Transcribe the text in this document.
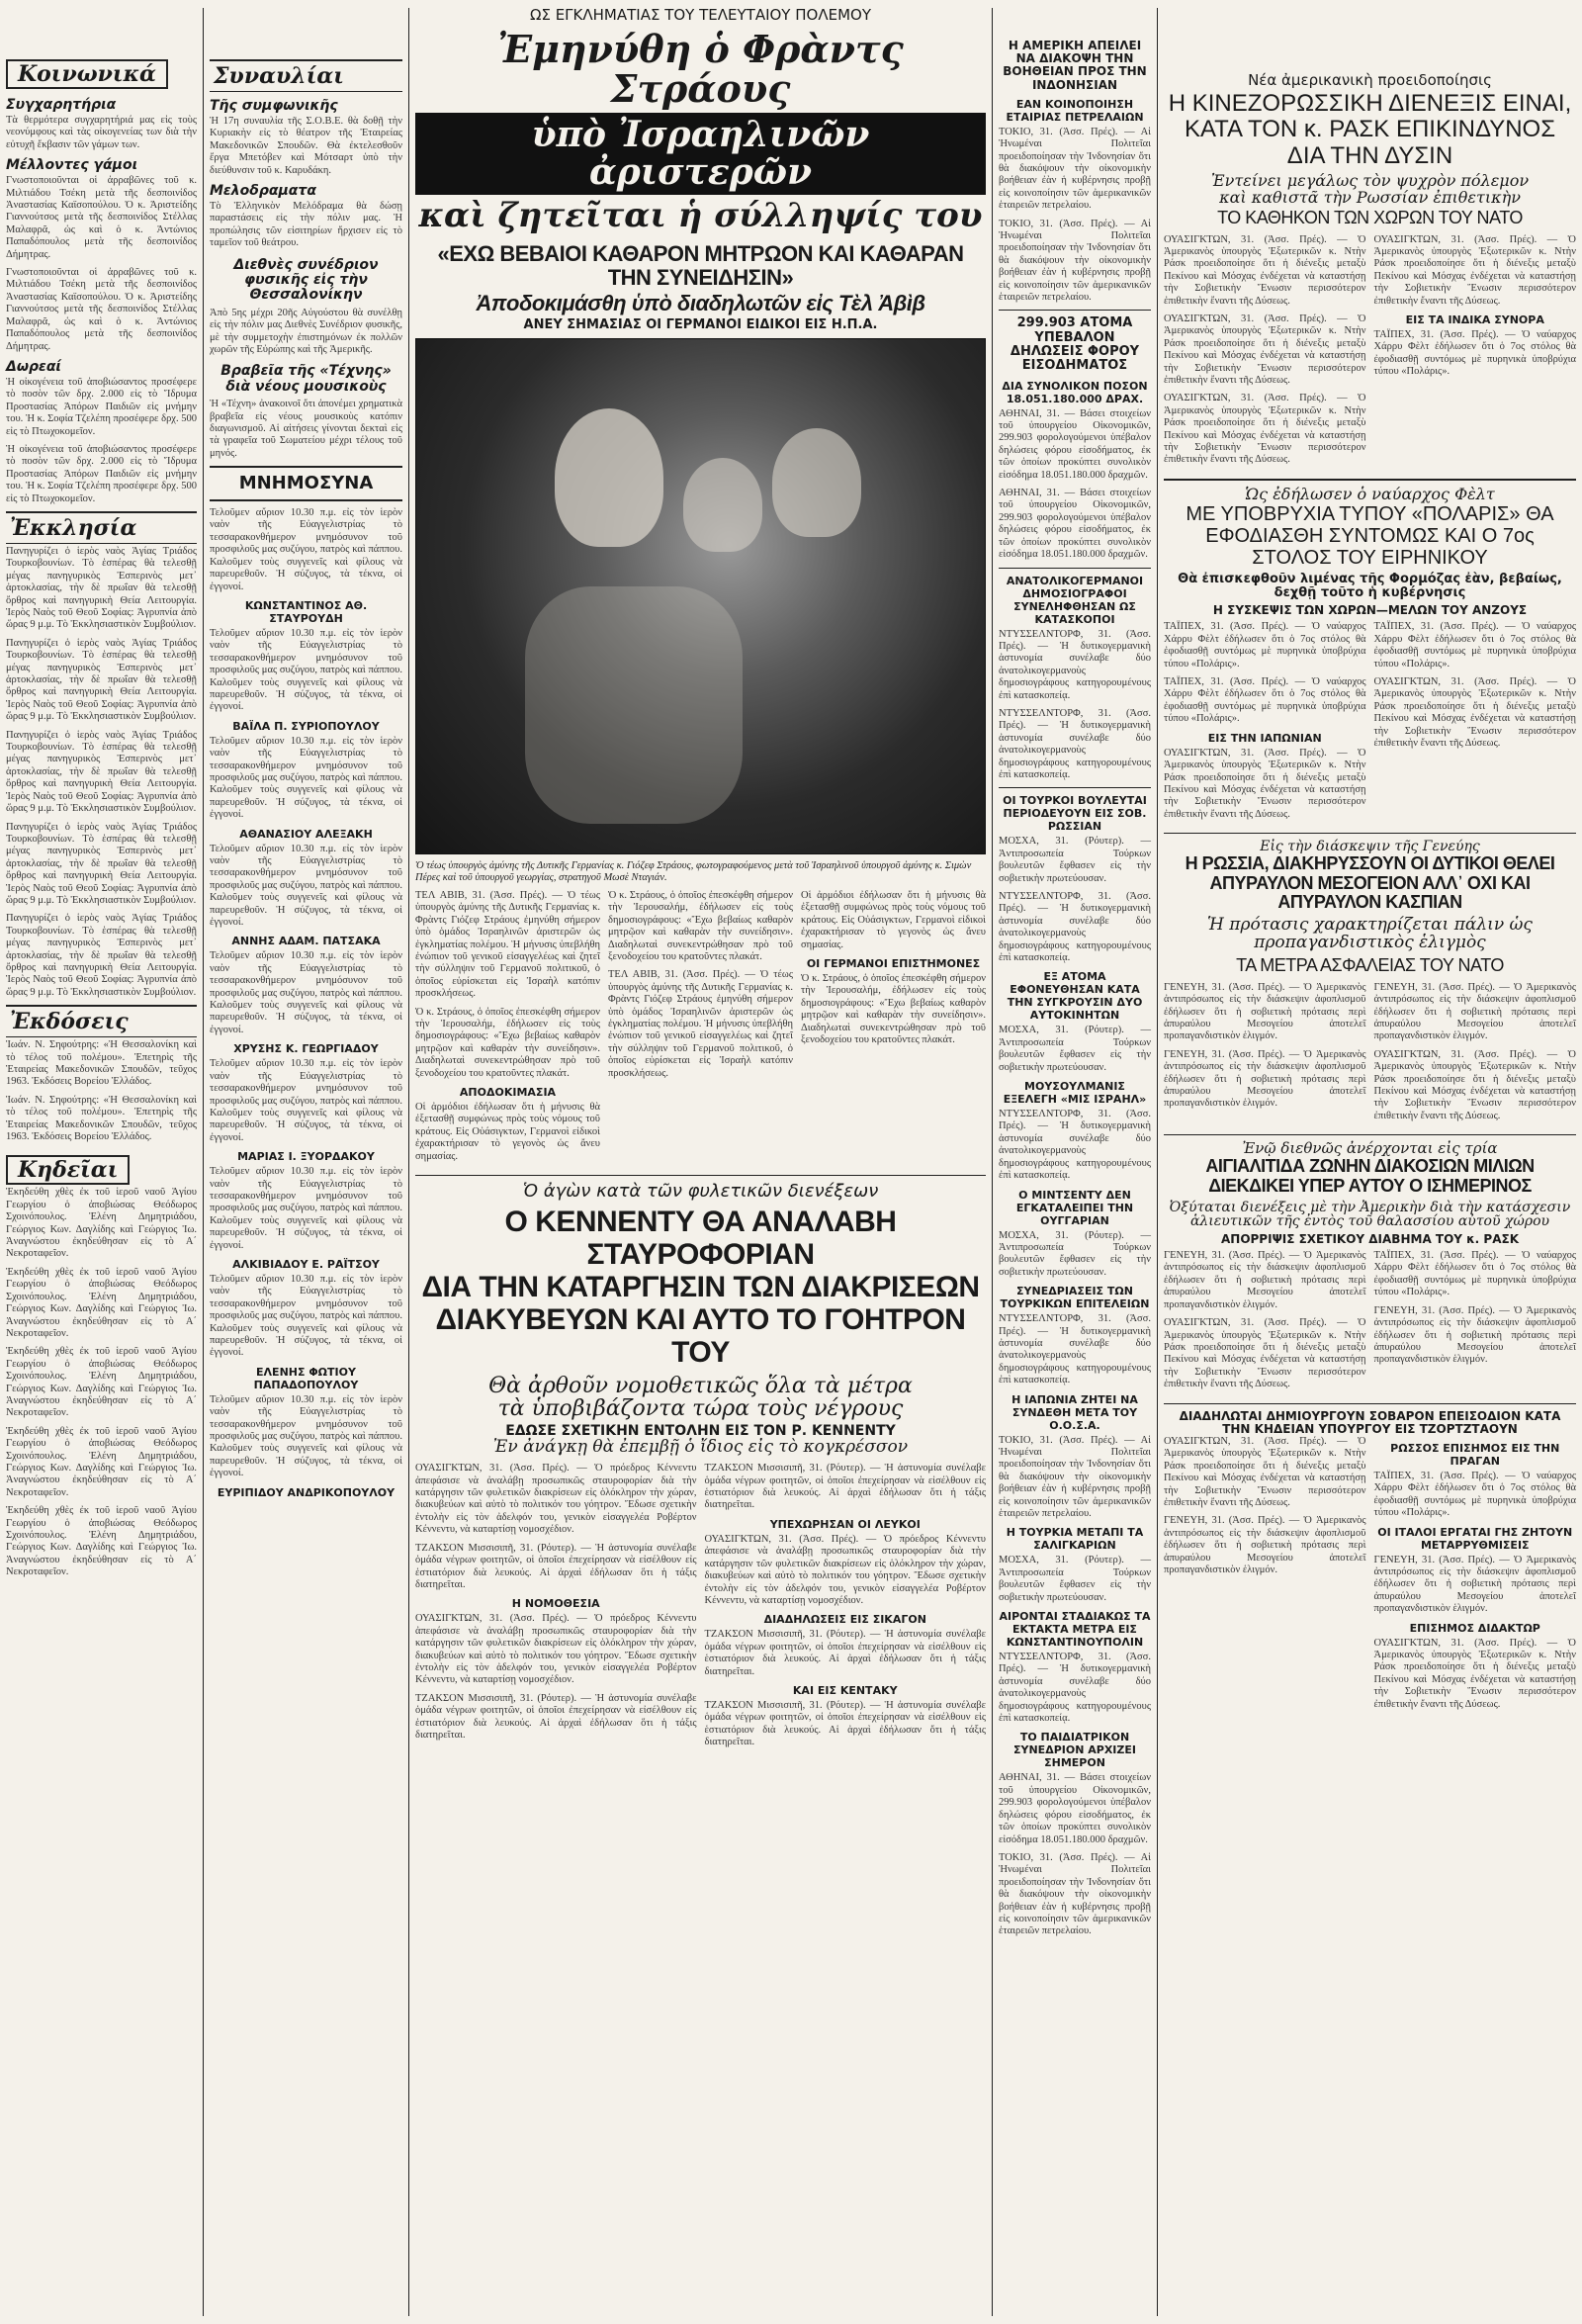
Κοινωνικά
Συγχαρητήρια

Τὰ θερμότερα συγχαρητήριά μας εἰς τοὺς νεονύμφους καὶ τὰς οἰκογενείας των διὰ τὴν εὐτυχῆ ἔκβασιν τῶν γάμων των.

Μέλλοντες γάμοι

Γνωστοποιοῦνται οἱ ἀρραβῶνες τοῦ κ. Μιλτιάδου Τσέκη μετὰ τῆς δεσποινίδος Ἀναστασίας Καϊσοπούλου. Ὁ κ. Ἀριστείδης Γιαννούτσος μετὰ τῆς δεσποινίδος Στέλλας Μαλαφρᾶ, ὡς καὶ ὁ κ. Ἀντώνιος Παπαδόπουλος μετὰ τῆς δεσποινίδος Δήμητρας.

Γνωστοποιοῦνται οἱ ἀρραβῶνες τοῦ κ. Μιλτιάδου Τσέκη μετὰ τῆς δεσποινίδος Ἀναστασίας Καϊσοπούλου. Ὁ κ. Ἀριστείδης Γιαννούτσος μετὰ τῆς δεσποινίδος Στέλλας Μαλαφρᾶ, ὡς καὶ ὁ κ. Ἀντώνιος Παπαδόπουλος μετὰ τῆς δεσποινίδος Δήμητρας.

Δωρεαί

Ἡ οἰκογένεια τοῦ ἀποβιώσαντος προσέφερε τὸ ποσὸν τῶν δρχ. 2.000 εἰς τὸ Ἵδρυμα Προστασίας Ἀπόρων Παιδιῶν εἰς μνήμην του. Ἡ κ. Σοφία Τζελέπη προσέφερε δρχ. 500 εἰς τὸ Πτωχοκομεῖον.

Ἡ οἰκογένεια τοῦ ἀποβιώσαντος προσέφερε τὸ ποσὸν τῶν δρχ. 2.000 εἰς τὸ Ἵδρυμα Προστασίας Ἀπόρων Παιδιῶν εἰς μνήμην του. Ἡ κ. Σοφία Τζελέπη προσέφερε δρχ. 500 εἰς τὸ Πτωχοκομεῖον.

Ἐκκλησία

Πανηγυρίζει ὁ ἱερὸς ναὸς Ἁγίας Τριάδος Τουρκοβουνίων. Τὸ ἑσπέρας θὰ τελεσθῇ μέγας πανηγυρικὸς Ἑσπερινὸς μετ᾿ ἀρτοκλασίας, τὴν δὲ πρωΐαν θὰ τελεσθῇ ὄρθρος καὶ πανηγυρικὴ Θεία Λειτουργία. Ἱερὸς Ναὸς τοῦ Θεοῦ Σοφίας: Ἀγρυπνία ἀπὸ ὥρας 9 μ.μ. Τὸ Ἐκκλησιαστικὸν Συμβούλιον.

Πανηγυρίζει ὁ ἱερὸς ναὸς Ἁγίας Τριάδος Τουρκοβουνίων. Τὸ ἑσπέρας θὰ τελεσθῇ μέγας πανηγυρικὸς Ἑσπερινὸς μετ᾿ ἀρτοκλασίας, τὴν δὲ πρωΐαν θὰ τελεσθῇ ὄρθρος καὶ πανηγυρικὴ Θεία Λειτουργία. Ἱερὸς Ναὸς τοῦ Θεοῦ Σοφίας: Ἀγρυπνία ἀπὸ ὥρας 9 μ.μ. Τὸ Ἐκκλησιαστικὸν Συμβούλιον.

Πανηγυρίζει ὁ ἱερὸς ναὸς Ἁγίας Τριάδος Τουρκοβουνίων. Τὸ ἑσπέρας θὰ τελεσθῇ μέγας πανηγυρικὸς Ἑσπερινὸς μετ᾿ ἀρτοκλασίας, τὴν δὲ πρωΐαν θὰ τελεσθῇ ὄρθρος καὶ πανηγυρικὴ Θεία Λειτουργία. Ἱερὸς Ναὸς τοῦ Θεοῦ Σοφίας: Ἀγρυπνία ἀπὸ ὥρας 9 μ.μ. Τὸ Ἐκκλησιαστικὸν Συμβούλιον.

Πανηγυρίζει ὁ ἱερὸς ναὸς Ἁγίας Τριάδος Τουρκοβουνίων. Τὸ ἑσπέρας θὰ τελεσθῇ μέγας πανηγυρικὸς Ἑσπερινὸς μετ᾿ ἀρτοκλασίας, τὴν δὲ πρωΐαν θὰ τελεσθῇ ὄρθρος καὶ πανηγυρικὴ Θεία Λειτουργία. Ἱερὸς Ναὸς τοῦ Θεοῦ Σοφίας: Ἀγρυπνία ἀπὸ ὥρας 9 μ.μ. Τὸ Ἐκκλησιαστικὸν Συμβούλιον.

Πανηγυρίζει ὁ ἱερὸς ναὸς Ἁγίας Τριάδος Τουρκοβουνίων. Τὸ ἑσπέρας θὰ τελεσθῇ μέγας πανηγυρικὸς Ἑσπερινὸς μετ᾿ ἀρτοκλασίας, τὴν δὲ πρωΐαν θὰ τελεσθῇ ὄρθρος καὶ πανηγυρικὴ Θεία Λειτουργία. Ἱερὸς Ναὸς τοῦ Θεοῦ Σοφίας: Ἀγρυπνία ἀπὸ ὥρας 9 μ.μ. Τὸ Ἐκκλησιαστικὸν Συμβούλιον.

Ἐκδόσεις

Ἰωάν. Ν. Σηφούτρης: «Ἡ Θεσσαλονίκη καὶ τὸ τέλος τοῦ πολέμου». Ἐπετηρὶς τῆς Ἑταιρείας Μακεδονικῶν Σπουδῶν, τεῦχος 1963. Ἐκδόσεις Βορείου Ἑλλάδος.

Ἰωάν. Ν. Σηφούτρης: «Ἡ Θεσσαλονίκη καὶ τὸ τέλος τοῦ πολέμου». Ἐπετηρὶς τῆς Ἑταιρείας Μακεδονικῶν Σπουδῶν, τεῦχος 1963. Ἐκδόσεις Βορείου Ἑλλάδος.

Κηδεῖαι

Ἐκηδεύθη χθὲς ἐκ τοῦ ἱεροῦ ναοῦ Ἁγίου Γεωργίου ὁ ἀποβιώσας Θεόδωρος Σχοινόπουλος. Ἐλένη Δημητριάδου, Γεώργιος Κων. Δαγλίδης καὶ Γεώργιος Ἰω. Ἀναγνώστου ἐκηδεύθησαν εἰς τὸ Α΄ Νεκροταφεῖον.

Ἐκηδεύθη χθὲς ἐκ τοῦ ἱεροῦ ναοῦ Ἁγίου Γεωργίου ὁ ἀποβιώσας Θεόδωρος Σχοινόπουλος. Ἐλένη Δημητριάδου, Γεώργιος Κων. Δαγλίδης καὶ Γεώργιος Ἰω. Ἀναγνώστου ἐκηδεύθησαν εἰς τὸ Α΄ Νεκροταφεῖον.

Ἐκηδεύθη χθὲς ἐκ τοῦ ἱεροῦ ναοῦ Ἁγίου Γεωργίου ὁ ἀποβιώσας Θεόδωρος Σχοινόπουλος. Ἐλένη Δημητριάδου, Γεώργιος Κων. Δαγλίδης καὶ Γεώργιος Ἰω. Ἀναγνώστου ἐκηδεύθησαν εἰς τὸ Α΄ Νεκροταφεῖον.

Ἐκηδεύθη χθὲς ἐκ τοῦ ἱεροῦ ναοῦ Ἁγίου Γεωργίου ὁ ἀποβιώσας Θεόδωρος Σχοινόπουλος. Ἐλένη Δημητριάδου, Γεώργιος Κων. Δαγλίδης καὶ Γεώργιος Ἰω. Ἀναγνώστου ἐκηδεύθησαν εἰς τὸ Α΄ Νεκροταφεῖον.

Ἐκηδεύθη χθὲς ἐκ τοῦ ἱεροῦ ναοῦ Ἁγίου Γεωργίου ὁ ἀποβιώσας Θεόδωρος Σχοινόπουλος. Ἐλένη Δημητριάδου, Γεώργιος Κων. Δαγλίδης καὶ Γεώργιος Ἰω. Ἀναγνώστου ἐκηδεύθησαν εἰς τὸ Α΄ Νεκροταφεῖον.

Συναυλίαι
Τῆς συμφωνικῆς

Ἡ 17η συναυλία τῆς Σ.Ο.Β.Ε. θὰ δοθῇ τὴν Κυριακὴν εἰς τὸ θέατρον τῆς Ἑταιρείας Μακεδονικῶν Σπουδῶν. Θὰ ἐκτελεσθοῦν ἔργα Μπετόβεν καὶ Μότσαρτ ὑπὸ τὴν διεύθυνσιν τοῦ κ. Καρυδάκη.

Μελοδραματα

Τὸ Ἑλληνικὸν Μελόδραμα θὰ δώσῃ παραστάσεις εἰς τὴν πόλιν μας. Ἡ προπώλησις τῶν εἰσιτηρίων ἤρχισεν εἰς τὸ ταμεῖον τοῦ θεάτρου.

Διεθνὲς συνέδριον φυσικῆς εἰς τὴν Θεσσαλονίκην

Ἀπὸ 5ης μέχρι 20ῆς Αὐγούστου θὰ συνέλθῃ εἰς τὴν πόλιν μας Διεθνὲς Συνέδριον φυσικῆς, μὲ τὴν συμμετοχὴν ἐπιστημόνων ἐκ πολλῶν χωρῶν τῆς Εὐρώπης καὶ τῆς Ἀμερικῆς.

Βραβεῖα τῆς «Τέχνης» διὰ νέους μουσικοὺς

Ἡ «Τέχνη» ἀνακοινοῖ ὅτι ἀπονέμει χρηματικὰ βραβεῖα εἰς νέους μουσικοὺς κατόπιν διαγωνισμοῦ. Αἱ αἰτήσεις γίνονται δεκταὶ εἰς τὰ γραφεῖα τοῦ Σωματείου μέχρι τέλους τοῦ μηνός.

ΜΝΗΜΟΣΥΝΑ

Τελοῦμεν αὔριον 10.30 π.μ. εἰς τὸν ἱερὸν ναὸν τῆς Εὐαγγελιστρίας τὸ τεσσαρακονθήμερον μνημόσυνον τοῦ προσφιλοῦς μας συζύγου, πατρὸς καὶ πάππου. Καλοῦμεν τοὺς συγγενεῖς καὶ φίλους νὰ παρευρεθοῦν. Ἡ σύζυγος, τὰ τέκνα, οἱ ἐγγονοί.

ΚΩΝΣΤΑΝΤΙΝΟΣ ΑΘ. ΣΤΑΥΡΟΥΔΗ

Τελοῦμεν αὔριον 10.30 π.μ. εἰς τὸν ἱερὸν ναὸν τῆς Εὐαγγελιστρίας τὸ τεσσαρακονθήμερον μνημόσυνον τοῦ προσφιλοῦς μας συζύγου, πατρὸς καὶ πάππου. Καλοῦμεν τοὺς συγγενεῖς καὶ φίλους νὰ παρευρεθοῦν. Ἡ σύζυγος, τὰ τέκνα, οἱ ἐγγονοί.

ΒΑΪΛΑ Π. ΣΥΡΙΟΠΟΥΛΟΥ

Τελοῦμεν αὔριον 10.30 π.μ. εἰς τὸν ἱερὸν ναὸν τῆς Εὐαγγελιστρίας τὸ τεσσαρακονθήμερον μνημόσυνον τοῦ προσφιλοῦς μας συζύγου, πατρὸς καὶ πάππου. Καλοῦμεν τοὺς συγγενεῖς καὶ φίλους νὰ παρευρεθοῦν. Ἡ σύζυγος, τὰ τέκνα, οἱ ἐγγονοί.

ΑΘΑΝΑΣΙΟΥ ΑΛΕΞΑΚΗ

Τελοῦμεν αὔριον 10.30 π.μ. εἰς τὸν ἱερὸν ναὸν τῆς Εὐαγγελιστρίας τὸ τεσσαρακονθήμερον μνημόσυνον τοῦ προσφιλοῦς μας συζύγου, πατρὸς καὶ πάππου. Καλοῦμεν τοὺς συγγενεῖς καὶ φίλους νὰ παρευρεθοῦν. Ἡ σύζυγος, τὰ τέκνα, οἱ ἐγγονοί.

ΑΝΝΗΣ ΑΔΑΜ. ΠΑΤΣΑΚΑ

Τελοῦμεν αὔριον 10.30 π.μ. εἰς τὸν ἱερὸν ναὸν τῆς Εὐαγγελιστρίας τὸ τεσσαρακονθήμερον μνημόσυνον τοῦ προσφιλοῦς μας συζύγου, πατρὸς καὶ πάππου. Καλοῦμεν τοὺς συγγενεῖς καὶ φίλους νὰ παρευρεθοῦν. Ἡ σύζυγος, τὰ τέκνα, οἱ ἐγγονοί.

ΧΡΥΣΗΣ Κ. ΓΕΩΡΓΙΑΔΟΥ

Τελοῦμεν αὔριον 10.30 π.μ. εἰς τὸν ἱερὸν ναὸν τῆς Εὐαγγελιστρίας τὸ τεσσαρακονθήμερον μνημόσυνον τοῦ προσφιλοῦς μας συζύγου, πατρὸς καὶ πάππου. Καλοῦμεν τοὺς συγγενεῖς καὶ φίλους νὰ παρευρεθοῦν. Ἡ σύζυγος, τὰ τέκνα, οἱ ἐγγονοί.

ΜΑΡΙΑΣ Ι. ΞΥΟΡΔΑΚΟΥ

Τελοῦμεν αὔριον 10.30 π.μ. εἰς τὸν ἱερὸν ναὸν τῆς Εὐαγγελιστρίας τὸ τεσσαρακονθήμερον μνημόσυνον τοῦ προσφιλοῦς μας συζύγου, πατρὸς καὶ πάππου. Καλοῦμεν τοὺς συγγενεῖς καὶ φίλους νὰ παρευρεθοῦν. Ἡ σύζυγος, τὰ τέκνα, οἱ ἐγγονοί.

ΑΛΚΙΒΙΑΔΟΥ Ε. ΡΑΪΤΣΟΥ

Τελοῦμεν αὔριον 10.30 π.μ. εἰς τὸν ἱερὸν ναὸν τῆς Εὐαγγελιστρίας τὸ τεσσαρακονθήμερον μνημόσυνον τοῦ προσφιλοῦς μας συζύγου, πατρὸς καὶ πάππου. Καλοῦμεν τοὺς συγγενεῖς καὶ φίλους νὰ παρευρεθοῦν. Ἡ σύζυγος, τὰ τέκνα, οἱ ἐγγονοί.

ΕΛΕΝΗΣ ΦΩΤΙΟΥ ΠΑΠΑΔΟΠΟΥΛΟΥ

Τελοῦμεν αὔριον 10.30 π.μ. εἰς τὸν ἱερὸν ναὸν τῆς Εὐαγγελιστρίας τὸ τεσσαρακονθήμερον μνημόσυνον τοῦ προσφιλοῦς μας συζύγου, πατρὸς καὶ πάππου. Καλοῦμεν τοὺς συγγενεῖς καὶ φίλους νὰ παρευρεθοῦν. Ἡ σύζυγος, τὰ τέκνα, οἱ ἐγγονοί.

ΕΥΡΙΠΙΔΟΥ ΑΝΔΡΙΚΟΠΟΥΛΟΥ
ΩΣ ΕΓΚΛΗΜΑΤΙΑΣ ΤΟΥ ΤΕΛΕΥΤΑΙΟΥ ΠΟΛΕΜΟΥ
Ἐμηνύθη ὁ Φρὰντς Στράους
ὑπὸ Ἰσραηλινῶν ἀριστερῶν
καὶ ζητεῖται ἡ σύλληψίς του
«ΕΧΩ ΒΕΒΑΙΟΙ ΚΑΘΑΡΟΝ ΜΗΤΡΩΟΝ ΚΑΙ ΚΑΘΑΡΑΝ ΤΗΝ ΣΥΝΕΙΔΗΣΙΝ»
Ἀποδοκιμάσθη ὑπὸ διαδηλωτῶν εἰς Τὲλ Ἀβὶβ
ΑΝΕΥ ΣΗΜΑΣΙΑΣ ΟΙ ΓΕΡΜΑΝΟΙ ΕΙΔΙΚΟΙ ΕΙΣ Η.Π.Α.
Ὁ τέως ὑπουργὸς ἀμύνης τῆς Δυτικῆς Γερμανίας κ. Γιόζεφ Στράους, φωτογραφούμενος μετὰ τοῦ Ἰσραηλινοῦ ὑπουργοῦ ἀμύνης κ. Σιμὼν Πέρες καὶ τοῦ ὑπουργοῦ γεωργίας, στρατηγοῦ Μωσὲ Νταγιάν.

ΤΕΛ ΑΒΙΒ, 31. (Ἀσσ. Πρές). — Ὁ τέως ὑπουργὸς ἀμύνης τῆς Δυτικῆς Γερμανίας κ. Φρὰντς Γιόζεφ Στράους ἐμηνύθη σήμερον ὑπὸ ὁμάδος Ἰσραηλινῶν ἀριστερῶν ὡς ἐγκληματίας πολέμου. Ἡ μήνυσις ὑπεβλήθη ἐνώπιον τοῦ γενικοῦ εἰσαγγελέως καὶ ζητεῖ τὴν σύλληψιν τοῦ Γερμανοῦ πολιτικοῦ, ὁ ὁποῖος εὑρίσκεται εἰς Ἰσραὴλ κατόπιν προσκλήσεως.

Ὁ κ. Στράους, ὁ ὁποῖος ἐπεσκέφθη σήμερον τὴν Ἱερουσαλήμ, ἐδήλωσεν εἰς τοὺς δημοσιογράφους: «Ἔχω βεβαίως καθαρὸν μητρῷον καὶ καθαρὰν τὴν συνείδησιν». Διαδηλωταὶ συνεκεντρώθησαν πρὸ τοῦ ξενοδοχείου του κρατοῦντες πλακάτ.

ΑΠΟΔΟΚΙΜΑΣΙΑ

Οἱ ἀρμόδιοι ἐδήλωσαν ὅτι ἡ μήνυσις θὰ ἐξετασθῇ συμφώνως πρὸς τοὺς νόμους τοῦ κράτους. Εἰς Οὐάσιγκτων, Γερμανοὶ εἰδικοὶ ἐχαρακτήρισαν τὸ γεγονὸς ὡς ἄνευ σημασίας.

Ὁ κ. Στράους, ὁ ὁποῖος ἐπεσκέφθη σήμερον τὴν Ἱερουσαλήμ, ἐδήλωσεν εἰς τοὺς δημοσιογράφους: «Ἔχω βεβαίως καθαρὸν μητρῷον καὶ καθαρὰν τὴν συνείδησιν». Διαδηλωταὶ συνεκεντρώθησαν πρὸ τοῦ ξενοδοχείου του κρατοῦντες πλακάτ.

ΤΕΛ ΑΒΙΒ, 31. (Ἀσσ. Πρές). — Ὁ τέως ὑπουργὸς ἀμύνης τῆς Δυτικῆς Γερμανίας κ. Φρὰντς Γιόζεφ Στράους ἐμηνύθη σήμερον ὑπὸ ὁμάδος Ἰσραηλινῶν ἀριστερῶν ὡς ἐγκληματίας πολέμου. Ἡ μήνυσις ὑπεβλήθη ἐνώπιον τοῦ γενικοῦ εἰσαγγελέως καὶ ζητεῖ τὴν σύλληψιν τοῦ Γερμανοῦ πολιτικοῦ, ὁ ὁποῖος εὑρίσκεται εἰς Ἰσραὴλ κατόπιν προσκλήσεως.

Οἱ ἀρμόδιοι ἐδήλωσαν ὅτι ἡ μήνυσις θὰ ἐξετασθῇ συμφώνως πρὸς τοὺς νόμους τοῦ κράτους. Εἰς Οὐάσιγκτων, Γερμανοὶ εἰδικοὶ ἐχαρακτήρισαν τὸ γεγονὸς ὡς ἄνευ σημασίας.

ΟΙ ΓΕΡΜΑΝΟΙ ΕΠΙΣΤΗΜΟΝΕΣ

Ὁ κ. Στράους, ὁ ὁποῖος ἐπεσκέφθη σήμερον τὴν Ἱερουσαλήμ, ἐδήλωσεν εἰς τοὺς δημοσιογράφους: «Ἔχω βεβαίως καθαρὸν μητρῷον καὶ καθαρὰν τὴν συνείδησιν». Διαδηλωταὶ συνεκεντρώθησαν πρὸ τοῦ ξενοδοχείου του κρατοῦντες πλακάτ.

Ὁ ἀγὼν κατὰ τῶν φυλετικῶν διενέξεων
Ο ΚΕΝΝΕΝΤΥ ΘΑ ΑΝΑΛΑΒΗ ΣΤΑΥΡΟΦΟΡΙΑΝ
ΔΙΑ ΤΗΝ ΚΑΤΑΡΓΗΣΙΝ ΤΩΝ ΔΙΑΚΡΙΣΕΩΝ
ΔΙΑΚΥΒΕΥΩΝ ΚΑΙ ΑΥΤΟ ΤΟ ΓΟΗΤΡΟΝ ΤΟΥ
Θὰ ἀρθοῦν νομοθετικῶς ὅλα τὰ μέτρα
τὰ ὑποβιβάζοντα τώρα τοὺς νέγρους
ΕΔΩΣΕ ΣΧΕΤΙΚΗΝ ΕΝΤΟΛΗΝ ΕΙΣ ΤΟΝ Ρ. ΚΕΝΝΕΝΤΥ
Ἐν ἀνάγκῃ θὰ ἐπεμβῇ ὁ ἴδιος εἰς τὸ κογκρέσσον

ΟΥΑΣΙΓΚΤΩΝ, 31. (Ἀσσ. Πρές). — Ὁ πρόεδρος Κέννεντυ ἀπεφάσισε νὰ ἀναλάβῃ προσωπικῶς σταυροφορίαν διὰ τὴν κατάργησιν τῶν φυλετικῶν διακρίσεων εἰς ὁλόκληρον τὴν χώραν, διακυβεύων καὶ αὐτὸ τὸ πολιτικόν του γόητρον. Ἔδωσε σχετικὴν ἐντολὴν εἰς τὸν ἀδελφόν του, γενικὸν εἰσαγγελέα Ροβέρτον Κέννεντυ, νὰ καταρτίσῃ νομοσχέδιον.

ΤΖΑΚΣΟΝ Μισσισιπῆ, 31. (Ρόυτερ). — Ἡ ἀστυνομία συνέλαβε ὁμάδα νέγρων φοιτητῶν, οἱ ὁποῖοι ἐπεχείρησαν νὰ εἰσέλθουν εἰς ἑστιατόριον διὰ λευκούς. Αἱ ἀρχαὶ ἐδήλωσαν ὅτι ἡ τάξις διατηρεῖται.

Η ΝΟΜΟΘΕΣΙΑ

ΟΥΑΣΙΓΚΤΩΝ, 31. (Ἀσσ. Πρές). — Ὁ πρόεδρος Κέννεντυ ἀπεφάσισε νὰ ἀναλάβῃ προσωπικῶς σταυροφορίαν διὰ τὴν κατάργησιν τῶν φυλετικῶν διακρίσεων εἰς ὁλόκληρον τὴν χώραν, διακυβεύων καὶ αὐτὸ τὸ πολιτικόν του γόητρον. Ἔδωσε σχετικὴν ἐντολὴν εἰς τὸν ἀδελφόν του, γενικὸν εἰσαγγελέα Ροβέρτον Κέννεντυ, νὰ καταρτίσῃ νομοσχέδιον.

ΤΖΑΚΣΟΝ Μισσισιπῆ, 31. (Ρόυτερ). — Ἡ ἀστυνομία συνέλαβε ὁμάδα νέγρων φοιτητῶν, οἱ ὁποῖοι ἐπεχείρησαν νὰ εἰσέλθουν εἰς ἑστιατόριον διὰ λευκούς. Αἱ ἀρχαὶ ἐδήλωσαν ὅτι ἡ τάξις διατηρεῖται.

ΤΖΑΚΣΟΝ Μισσισιπῆ, 31. (Ρόυτερ). — Ἡ ἀστυνομία συνέλαβε ὁμάδα νέγρων φοιτητῶν, οἱ ὁποῖοι ἐπεχείρησαν νὰ εἰσέλθουν εἰς ἑστιατόριον διὰ λευκούς. Αἱ ἀρχαὶ ἐδήλωσαν ὅτι ἡ τάξις διατηρεῖται.

ΥΠΕΧΩΡΗΣΑΝ ΟΙ ΛΕΥΚΟΙ

ΟΥΑΣΙΓΚΤΩΝ, 31. (Ἀσσ. Πρές). — Ὁ πρόεδρος Κέννεντυ ἀπεφάσισε νὰ ἀναλάβῃ προσωπικῶς σταυροφορίαν διὰ τὴν κατάργησιν τῶν φυλετικῶν διακρίσεων εἰς ὁλόκληρον τὴν χώραν, διακυβεύων καὶ αὐτὸ τὸ πολιτικόν του γόητρον. Ἔδωσε σχετικὴν ἐντολὴν εἰς τὸν ἀδελφόν του, γενικὸν εἰσαγγελέα Ροβέρτον Κέννεντυ, νὰ καταρτίσῃ νομοσχέδιον.

ΔΙΑΔΗΛΩΣΕΙΣ ΕΙΣ ΣΙΚΑΓΟΝ

ΤΖΑΚΣΟΝ Μισσισιπῆ, 31. (Ρόυτερ). — Ἡ ἀστυνομία συνέλαβε ὁμάδα νέγρων φοιτητῶν, οἱ ὁποῖοι ἐπεχείρησαν νὰ εἰσέλθουν εἰς ἑστιατόριον διὰ λευκούς. Αἱ ἀρχαὶ ἐδήλωσαν ὅτι ἡ τάξις διατηρεῖται.

ΚΑΙ ΕΙΣ ΚΕΝΤΑΚΥ

ΤΖΑΚΣΟΝ Μισσισιπῆ, 31. (Ρόυτερ). — Ἡ ἀστυνομία συνέλαβε ὁμάδα νέγρων φοιτητῶν, οἱ ὁποῖοι ἐπεχείρησαν νὰ εἰσέλθουν εἰς ἑστιατόριον διὰ λευκούς. Αἱ ἀρχαὶ ἐδήλωσαν ὅτι ἡ τάξις διατηρεῖται.

Η ΑΜΕΡΙΚΗ ΑΠΕΙΛΕΙ ΝΑ ΔΙΑΚΟΨΗ ΤΗΝ ΒΟΗΘΕΙΑΝ ΠΡΟΣ ΤΗΝ ΙΝΔΟΝΗΣΙΑΝ
ΕΑΝ ΚΟΙΝΟΠΟΙΗΣΗ ΕΤΑΙΡΙΑΣ ΠΕΤΡΕΛΑΙΩΝ

ΤΟΚΙΟ, 31. (Ἀσσ. Πρές). — Αἱ Ἡνωμέναι Πολιτεῖαι προειδοποίησαν τὴν Ἰνδονησίαν ὅτι θὰ διακόψουν τὴν οἰκονομικὴν βοήθειαν ἐὰν ἡ κυβέρνησις προβῇ εἰς κοινοποίησιν τῶν ἀμερικανικῶν ἑταιρειῶν πετρελαίου.

ΤΟΚΙΟ, 31. (Ἀσσ. Πρές). — Αἱ Ἡνωμέναι Πολιτεῖαι προειδοποίησαν τὴν Ἰνδονησίαν ὅτι θὰ διακόψουν τὴν οἰκονομικὴν βοήθειαν ἐὰν ἡ κυβέρνησις προβῇ εἰς κοινοποίησιν τῶν ἀμερικανικῶν ἑταιρειῶν πετρελαίου.

299.903 ΑΤΟΜΑ ΥΠΕΒΑΛΟΝ ΔΗΛΩΣΕΙΣ ΦΟΡΟΥ ΕΙΣΟΔΗΜΑΤΟΣ
ΔΙΑ ΣΥΝΟΛΙΚΟΝ ΠΟΣΟΝ 18.051.180.000 ΔΡΑΧ.

ΑΘΗΝΑΙ, 31. — Βάσει στοιχείων τοῦ ὑπουργείου Οἰκονομικῶν, 299.903 φορολογούμενοι ὑπέβαλον δηλώσεις φόρου εἰσοδήματος, ἐκ τῶν ὁποίων προκύπτει συνολικὸν εἰσόδημα 18.051.180.000 δραχμῶν.

ΑΘΗΝΑΙ, 31. — Βάσει στοιχείων τοῦ ὑπουργείου Οἰκονομικῶν, 299.903 φορολογούμενοι ὑπέβαλον δηλώσεις φόρου εἰσοδήματος, ἐκ τῶν ὁποίων προκύπτει συνολικὸν εἰσόδημα 18.051.180.000 δραχμῶν.

ΑΝΑΤΟΛΙΚΟΓΕΡΜΑΝΟΙ ΔΗΜΟΣΙΟΓΡΑΦΟΙ ΣΥΝΕΛΗΦΘΗΣΑΝ ΩΣ ΚΑΤΑΣΚΟΠΟΙ

ΝΤΥΣΣΕΛΝΤΟΡΦ, 31. (Ἀσσ. Πρές). — Ἡ δυτικογερμανικὴ ἀστυνομία συνέλαβε δύο ἀνατολικογερμανοὺς δημοσιογράφους κατηγορουμένους ἐπὶ κατασκοπείᾳ.

ΝΤΥΣΣΕΛΝΤΟΡΦ, 31. (Ἀσσ. Πρές). — Ἡ δυτικογερμανικὴ ἀστυνομία συνέλαβε δύο ἀνατολικογερμανοὺς δημοσιογράφους κατηγορουμένους ἐπὶ κατασκοπείᾳ.

ΟΙ ΤΟΥΡΚΟΙ ΒΟΥΛΕΥΤΑΙ ΠΕΡΙΟΔΕΥΟΥΝ ΕΙΣ ΣΟΒ. ΡΩΣΣΙΑΝ

ΜΟΣΧΑ, 31. (Ρόυτερ). — Ἀντιπροσωπεία Τούρκων βουλευτῶν ἔφθασεν εἰς τὴν σοβιετικὴν πρωτεύουσαν.

ΝΤΥΣΣΕΛΝΤΟΡΦ, 31. (Ἀσσ. Πρές). — Ἡ δυτικογερμανικὴ ἀστυνομία συνέλαβε δύο ἀνατολικογερμανοὺς δημοσιογράφους κατηγορουμένους ἐπὶ κατασκοπείᾳ.

ΕΞ ΑΤΟΜΑ ΕΦΟΝΕΥΘΗΣΑΝ ΚΑΤΑ ΤΗΝ ΣΥΓΚΡΟΥΣΙΝ ΔΥΟ ΑΥΤΟΚΙΝΗΤΩΝ

ΜΟΣΧΑ, 31. (Ρόυτερ). — Ἀντιπροσωπεία Τούρκων βουλευτῶν ἔφθασεν εἰς τὴν σοβιετικὴν πρωτεύουσαν.

ΜΟΥΣΟΥΛΜΑΝΙΣ ΕΞΕΛΕΓΗ «ΜΙΣ ΙΣΡΑΗΛ»

ΝΤΥΣΣΕΛΝΤΟΡΦ, 31. (Ἀσσ. Πρές). — Ἡ δυτικογερμανικὴ ἀστυνομία συνέλαβε δύο ἀνατολικογερμανοὺς δημοσιογράφους κατηγορουμένους ἐπὶ κατασκοπείᾳ.

Ο ΜΙΝΤΣΕΝΤΥ ΔΕΝ ΕΓΚΑΤΑΛΕΙΠΕΙ ΤΗΝ ΟΥΓΓΑΡΙΑΝ

ΜΟΣΧΑ, 31. (Ρόυτερ). — Ἀντιπροσωπεία Τούρκων βουλευτῶν ἔφθασεν εἰς τὴν σοβιετικὴν πρωτεύουσαν.

ΣΥΝΕΔΡΙΑΣΕΙΣ ΤΩΝ ΤΟΥΡΚΙΚΩΝ ΕΠΙΤΕΛΕΙΩΝ

ΝΤΥΣΣΕΛΝΤΟΡΦ, 31. (Ἀσσ. Πρές). — Ἡ δυτικογερμανικὴ ἀστυνομία συνέλαβε δύο ἀνατολικογερμανοὺς δημοσιογράφους κατηγορουμένους ἐπὶ κατασκοπείᾳ.

Η ΙΑΠΩΝΙΑ ΖΗΤΕΙ ΝΑ ΣΥΝΔΕΘΗ ΜΕΤΑ ΤΟΥ Ο.Ο.Σ.Α.

ΤΟΚΙΟ, 31. (Ἀσσ. Πρές). — Αἱ Ἡνωμέναι Πολιτεῖαι προειδοποίησαν τὴν Ἰνδονησίαν ὅτι θὰ διακόψουν τὴν οἰκονομικὴν βοήθειαν ἐὰν ἡ κυβέρνησις προβῇ εἰς κοινοποίησιν τῶν ἀμερικανικῶν ἑταιρειῶν πετρελαίου.

Η ΤΟΥΡΚΙΑ ΜΕΤΑΠΙ ΤΑ ΣΑΛΙΓΚΑΡΙΩΝ

ΜΟΣΧΑ, 31. (Ρόυτερ). — Ἀντιπροσωπεία Τούρκων βουλευτῶν ἔφθασεν εἰς τὴν σοβιετικὴν πρωτεύουσαν.

ΑΙΡΟΝΤΑΙ ΣΤΑΔΙΑΚΩΣ ΤΑ ΕΚΤΑΚΤΑ ΜΕΤΡΑ ΕΙΣ ΚΩΝΣΤΑΝΤΙΝΟΥΠΟΛΙΝ

ΝΤΥΣΣΕΛΝΤΟΡΦ, 31. (Ἀσσ. Πρές). — Ἡ δυτικογερμανικὴ ἀστυνομία συνέλαβε δύο ἀνατολικογερμανοὺς δημοσιογράφους κατηγορουμένους ἐπὶ κατασκοπείᾳ.

ΤΟ ΠΑΙΔΙΑΤΡΙΚΟΝ ΣΥΝΕΔΡΙΟΝ ΑΡΧΙΖΕΙ ΣΗΜΕΡΟΝ

ΑΘΗΝΑΙ, 31. — Βάσει στοιχείων τοῦ ὑπουργείου Οἰκονομικῶν, 299.903 φορολογούμενοι ὑπέβαλον δηλώσεις φόρου εἰσοδήματος, ἐκ τῶν ὁποίων προκύπτει συνολικὸν εἰσόδημα 18.051.180.000 δραχμῶν.

ΤΟΚΙΟ, 31. (Ἀσσ. Πρές). — Αἱ Ἡνωμέναι Πολιτεῖαι προειδοποίησαν τὴν Ἰνδονησίαν ὅτι θὰ διακόψουν τὴν οἰκονομικὴν βοήθειαν ἐὰν ἡ κυβέρνησις προβῇ εἰς κοινοποίησιν τῶν ἀμερικανικῶν ἑταιρειῶν πετρελαίου.

Νέα ἀμερικανικὴ προειδοποίησις
Η ΚΙΝΕΖΟΡΩΣΣΙΚΗ ΔΙΕΝΕΞΙΣ ΕΙΝΑΙ, ΚΑΤΑ ΤΟΝ κ. ΡΑΣΚ ΕΠΙΚΙΝΔΥΝΟΣ ΔΙΑ ΤΗΝ ΔΥΣΙΝ
Ἐντείνει μεγάλως τὸν ψυχρὸν πόλεμον
καὶ καθιστᾶ τὴν Ρωσσίαν ἐπιθετικὴν
ΤΟ ΚΑΘΗΚΟΝ ΤΩΝ ΧΩΡΩΝ ΤΟΥ ΝΑΤΟ

ΟΥΑΣΙΓΚΤΩΝ, 31. (Ἀσσ. Πρές). — Ὁ Ἀμερικανὸς ὑπουργὸς Ἐξωτερικῶν κ. Ντὴν Ράσκ προειδοποίησε ὅτι ἡ διένεξις μεταξὺ Πεκίνου καὶ Μόσχας ἐνδέχεται νὰ καταστήσῃ τὴν Σοβιετικὴν Ἕνωσιν περισσότερον ἐπιθετικὴν ἔναντι τῆς Δύσεως.

ΟΥΑΣΙΓΚΤΩΝ, 31. (Ἀσσ. Πρές). — Ὁ Ἀμερικανὸς ὑπουργὸς Ἐξωτερικῶν κ. Ντὴν Ράσκ προειδοποίησε ὅτι ἡ διένεξις μεταξὺ Πεκίνου καὶ Μόσχας ἐνδέχεται νὰ καταστήσῃ τὴν Σοβιετικὴν Ἕνωσιν περισσότερον ἐπιθετικὴν ἔναντι τῆς Δύσεως.

ΟΥΑΣΙΓΚΤΩΝ, 31. (Ἀσσ. Πρές). — Ὁ Ἀμερικανὸς ὑπουργὸς Ἐξωτερικῶν κ. Ντὴν Ράσκ προειδοποίησε ὅτι ἡ διένεξις μεταξὺ Πεκίνου καὶ Μόσχας ἐνδέχεται νὰ καταστήσῃ τὴν Σοβιετικὴν Ἕνωσιν περισσότερον ἐπιθετικὴν ἔναντι τῆς Δύσεως.

ΟΥΑΣΙΓΚΤΩΝ, 31. (Ἀσσ. Πρές). — Ὁ Ἀμερικανὸς ὑπουργὸς Ἐξωτερικῶν κ. Ντὴν Ράσκ προειδοποίησε ὅτι ἡ διένεξις μεταξὺ Πεκίνου καὶ Μόσχας ἐνδέχεται νὰ καταστήσῃ τὴν Σοβιετικὴν Ἕνωσιν περισσότερον ἐπιθετικὴν ἔναντι τῆς Δύσεως.

ΕΙΣ ΤΑ ΙΝΔΙΚΑ ΣΥΝΟΡΑ

ΤΑΪΠΕΧ, 31. (Ἀσσ. Πρές). — Ὁ ναύαρχος Χάρρυ Φὲλτ ἐδήλωσεν ὅτι ὁ 7ος στόλος θὰ ἐφοδιασθῇ συντόμως μὲ πυρηνικὰ ὑποβρύχια τύπου «Πολάρις».

Ὡς ἐδήλωσεν ὁ ναύαρχος Φὲλτ
ΜΕ ΥΠΟΒΡΥΧΙΑ ΤΥΠΟΥ «ΠΟΛΑΡΙΣ» ΘΑ ΕΦΟΔΙΑΣΘΗ ΣΥΝΤΟΜΩΣ ΚΑΙ Ο 7ος ΣΤΟΛΟΣ ΤΟΥ ΕΙΡΗΝΙΚΟΥ
Θὰ ἐπισκεφθοῦν λιμένας τῆς Φορμόζας ἐὰν, βεβαίως, δεχθῇ τοῦτο ἡ κυβέρνησις
Η ΣΥΣΚΕΨΙΣ ΤΩΝ ΧΩΡΩΝ—ΜΕΛΩΝ ΤΟΥ ΑΝΖΟΥΣ

ΤΑΪΠΕΧ, 31. (Ἀσσ. Πρές). — Ὁ ναύαρχος Χάρρυ Φὲλτ ἐδήλωσεν ὅτι ὁ 7ος στόλος θὰ ἐφοδιασθῇ συντόμως μὲ πυρηνικὰ ὑποβρύχια τύπου «Πολάρις».

ΤΑΪΠΕΧ, 31. (Ἀσσ. Πρές). — Ὁ ναύαρχος Χάρρυ Φὲλτ ἐδήλωσεν ὅτι ὁ 7ος στόλος θὰ ἐφοδιασθῇ συντόμως μὲ πυρηνικὰ ὑποβρύχια τύπου «Πολάρις».

ΕΙΣ ΤΗΝ ΙΑΠΩΝΙΑΝ

ΟΥΑΣΙΓΚΤΩΝ, 31. (Ἀσσ. Πρές). — Ὁ Ἀμερικανὸς ὑπουργὸς Ἐξωτερικῶν κ. Ντὴν Ράσκ προειδοποίησε ὅτι ἡ διένεξις μεταξὺ Πεκίνου καὶ Μόσχας ἐνδέχεται νὰ καταστήσῃ τὴν Σοβιετικὴν Ἕνωσιν περισσότερον ἐπιθετικὴν ἔναντι τῆς Δύσεως.

ΤΑΪΠΕΧ, 31. (Ἀσσ. Πρές). — Ὁ ναύαρχος Χάρρυ Φὲλτ ἐδήλωσεν ὅτι ὁ 7ος στόλος θὰ ἐφοδιασθῇ συντόμως μὲ πυρηνικὰ ὑποβρύχια τύπου «Πολάρις».

ΟΥΑΣΙΓΚΤΩΝ, 31. (Ἀσσ. Πρές). — Ὁ Ἀμερικανὸς ὑπουργὸς Ἐξωτερικῶν κ. Ντὴν Ράσκ προειδοποίησε ὅτι ἡ διένεξις μεταξὺ Πεκίνου καὶ Μόσχας ἐνδέχεται νὰ καταστήσῃ τὴν Σοβιετικὴν Ἕνωσιν περισσότερον ἐπιθετικὴν ἔναντι τῆς Δύσεως.

Εἰς τὴν διάσκεψιν τῆς Γενεύης
Η ΡΩΣΣΙΑ, ΔΙΑΚΗΡΥΣΣΟΥΝ ΟΙ ΔΥΤΙΚΟΙ ΘΕΛΕΙ ΑΠΥΡΑΥΛΟΝ ΜΕΣΟΓΕΙΟΝ ΑΛΛ᾿ ΟΧΙ ΚΑΙ ΑΠΥΡΑΥΛΟΝ ΚΑΣΠΙΑΝ
Ἡ πρότασις χαρακτηρίζεται πάλιν ὡς προπαγανδιστικὸς ἑλιγμὸς
ΤΑ ΜΕΤΡΑ ΑΣΦΑΛΕΙΑΣ ΤΟΥ ΝΑΤΟ

ΓΕΝΕΥΗ, 31. (Ἀσσ. Πρές). — Ὁ Ἀμερικανὸς ἀντιπρόσωπος εἰς τὴν διάσκεψιν ἀφοπλισμοῦ ἐδήλωσεν ὅτι ἡ σοβιετικὴ πρότασις περὶ ἀπυραύλου Μεσογείου ἀποτελεῖ προπαγανδιστικὸν ἑλιγμόν.

ΓΕΝΕΥΗ, 31. (Ἀσσ. Πρές). — Ὁ Ἀμερικανὸς ἀντιπρόσωπος εἰς τὴν διάσκεψιν ἀφοπλισμοῦ ἐδήλωσεν ὅτι ἡ σοβιετικὴ πρότασις περὶ ἀπυραύλου Μεσογείου ἀποτελεῖ προπαγανδιστικὸν ἑλιγμόν.

ΓΕΝΕΥΗ, 31. (Ἀσσ. Πρές). — Ὁ Ἀμερικανὸς ἀντιπρόσωπος εἰς τὴν διάσκεψιν ἀφοπλισμοῦ ἐδήλωσεν ὅτι ἡ σοβιετικὴ πρότασις περὶ ἀπυραύλου Μεσογείου ἀποτελεῖ προπαγανδιστικὸν ἑλιγμόν.

ΟΥΑΣΙΓΚΤΩΝ, 31. (Ἀσσ. Πρές). — Ὁ Ἀμερικανὸς ὑπουργὸς Ἐξωτερικῶν κ. Ντὴν Ράσκ προειδοποίησε ὅτι ἡ διένεξις μεταξὺ Πεκίνου καὶ Μόσχας ἐνδέχεται νὰ καταστήσῃ τὴν Σοβιετικὴν Ἕνωσιν περισσότερον ἐπιθετικὴν ἔναντι τῆς Δύσεως.

Ἐνῷ διεθνῶς ἀνέρχονται εἰς τρία
ΑΙΓΙΑΛΙΤΙΔΑ ΖΩΝΗΝ ΔΙΑΚΟΣΙΩΝ ΜΙΛΙΩΝ ΔΙΕΚΔΙΚΕΙ ΥΠΕΡ ΑΥΤΟΥ Ο ΙΣΗΜΕΡΙΝΟΣ
Ὀξύταται διενέξεις μὲ τὴν Ἀμερικὴν διὰ τὴν κατάσχεσιν ἁλιευτικῶν τῆς ἐντὸς τοῦ θαλασσίου αὐτοῦ χώρου
ΑΠΟΡΡΙΨΙΣ ΣΧΕΤΙΚΟΥ ΔΙΑΒΗΜΑ ΤΟΥ κ. ΡΑΣΚ

ΓΕΝΕΥΗ, 31. (Ἀσσ. Πρές). — Ὁ Ἀμερικανὸς ἀντιπρόσωπος εἰς τὴν διάσκεψιν ἀφοπλισμοῦ ἐδήλωσεν ὅτι ἡ σοβιετικὴ πρότασις περὶ ἀπυραύλου Μεσογείου ἀποτελεῖ προπαγανδιστικὸν ἑλιγμόν.

ΟΥΑΣΙΓΚΤΩΝ, 31. (Ἀσσ. Πρές). — Ὁ Ἀμερικανὸς ὑπουργὸς Ἐξωτερικῶν κ. Ντὴν Ράσκ προειδοποίησε ὅτι ἡ διένεξις μεταξὺ Πεκίνου καὶ Μόσχας ἐνδέχεται νὰ καταστήσῃ τὴν Σοβιετικὴν Ἕνωσιν περισσότερον ἐπιθετικὴν ἔναντι τῆς Δύσεως.

ΤΑΪΠΕΧ, 31. (Ἀσσ. Πρές). — Ὁ ναύαρχος Χάρρυ Φὲλτ ἐδήλωσεν ὅτι ὁ 7ος στόλος θὰ ἐφοδιασθῇ συντόμως μὲ πυρηνικὰ ὑποβρύχια τύπου «Πολάρις».

ΓΕΝΕΥΗ, 31. (Ἀσσ. Πρές). — Ὁ Ἀμερικανὸς ἀντιπρόσωπος εἰς τὴν διάσκεψιν ἀφοπλισμοῦ ἐδήλωσεν ὅτι ἡ σοβιετικὴ πρότασις περὶ ἀπυραύλου Μεσογείου ἀποτελεῖ προπαγανδιστικὸν ἑλιγμόν.

ΔΙΑΔΗΛΩΤΑΙ ΔΗΜΙΟΥΡΓΟΥΝ ΣΟΒΑΡΟΝ ΕΠΕΙΣΟΔΙΟΝ ΚΑΤΑ ΤΗΝ ΚΗΔΕΙΑΝ ΥΠΟΥΡΓΟΥ ΕΙΣ ΤΖΟΡΤΖΤΑΟΥΝ

ΟΥΑΣΙΓΚΤΩΝ, 31. (Ἀσσ. Πρές). — Ὁ Ἀμερικανὸς ὑπουργὸς Ἐξωτερικῶν κ. Ντὴν Ράσκ προειδοποίησε ὅτι ἡ διένεξις μεταξὺ Πεκίνου καὶ Μόσχας ἐνδέχεται νὰ καταστήσῃ τὴν Σοβιετικὴν Ἕνωσιν περισσότερον ἐπιθετικὴν ἔναντι τῆς Δύσεως.

ΓΕΝΕΥΗ, 31. (Ἀσσ. Πρές). — Ὁ Ἀμερικανὸς ἀντιπρόσωπος εἰς τὴν διάσκεψιν ἀφοπλισμοῦ ἐδήλωσεν ὅτι ἡ σοβιετικὴ πρότασις περὶ ἀπυραύλου Μεσογείου ἀποτελεῖ προπαγανδιστικὸν ἑλιγμόν.

ΡΩΣΣΟΣ ΕΠΙΣΗΜΟΣ ΕΙΣ ΤΗΝ ΠΡΑΓΑΝ

ΤΑΪΠΕΧ, 31. (Ἀσσ. Πρές). — Ὁ ναύαρχος Χάρρυ Φὲλτ ἐδήλωσεν ὅτι ὁ 7ος στόλος θὰ ἐφοδιασθῇ συντόμως μὲ πυρηνικὰ ὑποβρύχια τύπου «Πολάρις».

ΟΙ ΙΤΑΛΟΙ ΕΡΓΑΤΑΙ ΓΗΣ ΖΗΤΟΥΝ ΜΕΤΑΡΡΥΘΜΙΣΕΙΣ

ΓΕΝΕΥΗ, 31. (Ἀσσ. Πρές). — Ὁ Ἀμερικανὸς ἀντιπρόσωπος εἰς τὴν διάσκεψιν ἀφοπλισμοῦ ἐδήλωσεν ὅτι ἡ σοβιετικὴ πρότασις περὶ ἀπυραύλου Μεσογείου ἀποτελεῖ προπαγανδιστικὸν ἑλιγμόν.

ΕΠΙΣΗΜΟΣ ΔΙΔΑΚΤΩΡ

ΟΥΑΣΙΓΚΤΩΝ, 31. (Ἀσσ. Πρές). — Ὁ Ἀμερικανὸς ὑπουργὸς Ἐξωτερικῶν κ. Ντὴν Ράσκ προειδοποίησε ὅτι ἡ διένεξις μεταξὺ Πεκίνου καὶ Μόσχας ἐνδέχεται νὰ καταστήσῃ τὴν Σοβιετικὴν Ἕνωσιν περισσότερον ἐπιθετικὴν ἔναντι τῆς Δύσεως.
